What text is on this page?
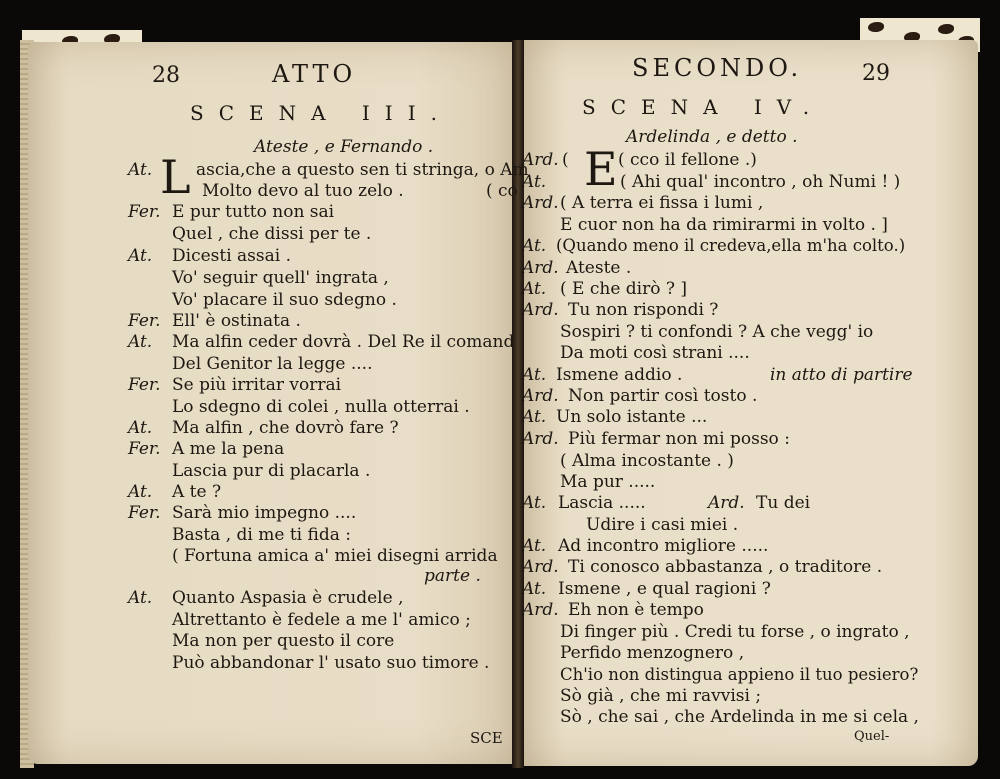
28	ATTO
SCENA III.
Ateste , e Fernando .
At. L ascia,che a questo sen ti stringa, o Am
Molto devo al tuo zelo .	( co
Fer. E pur tutto non sai
Quel , che dissi per te .
At. Dicesti assai .
Vo' seguir quell' ingrata ,
Vo' placare il suo sdegno .
Fer. Ell' è ostinata .
At. Ma alfin ceder dovrà . Del Re il comand
Del Genitor la legge ....
Fer. Se più irritar vorrai
Lo sdegno di colei , nulla otterrai .
At. Ma alfin , che dovrò fare ?
Fer. A me la pena
Lascia pur di placarla .
At. A te ?
Fer. Sarà mio impegno ....
Basta , di me ti fida :
( Fortuna amica a' miei disegni arrida
parte .
At. Quanto Aspasia è crudele ,
Altrettanto è fedele a me l' amico ;
Ma non per questo il core
Può abbandonar l' usato suo timore .
SCE
SECONDO.	29
SCENA IV.
Ardelinda , e detto .
Ard. ( E ( cco il fellone .)
At.	( Ahi qual' incontro , oh Numi ! )
Ard. ( A terra ei fissa i lumi ,
E cuor non ha da rimirarmi in volto . ]
At. (Quando meno il credeva,ella m'ha colto.)
Ard. Ateste .
At. ( E che dirò ? ]
Ard. Tu non rispondi ?
Sospiri ? ti confondi ? A che vegg' io
Da moti così strani ....
At. Ismene addio .	in atto di partire
Ard. Non partir così tosto .
At. Un solo istante ...
Ard. Più fermar non mi posso :
( Alma incostante . )
Ma pur .....
At. Lascia .....	Ard. Tu dei
Udire i casi miei .
At. Ad incontro migliore .....
Ard. Ti conosco abbastanza , o traditore .
At. Ismene , e qual ragioni ?
Ard. Eh non è tempo
Di finger più . Credi tu forse , o ingrato ,
Perfido menzognero ,
Ch'io non distingua appieno il tuo pesiero?
Sò già , che mi ravvisi ;
Sò , che sai , che Ardelinda in me si cela ,
Quel-
